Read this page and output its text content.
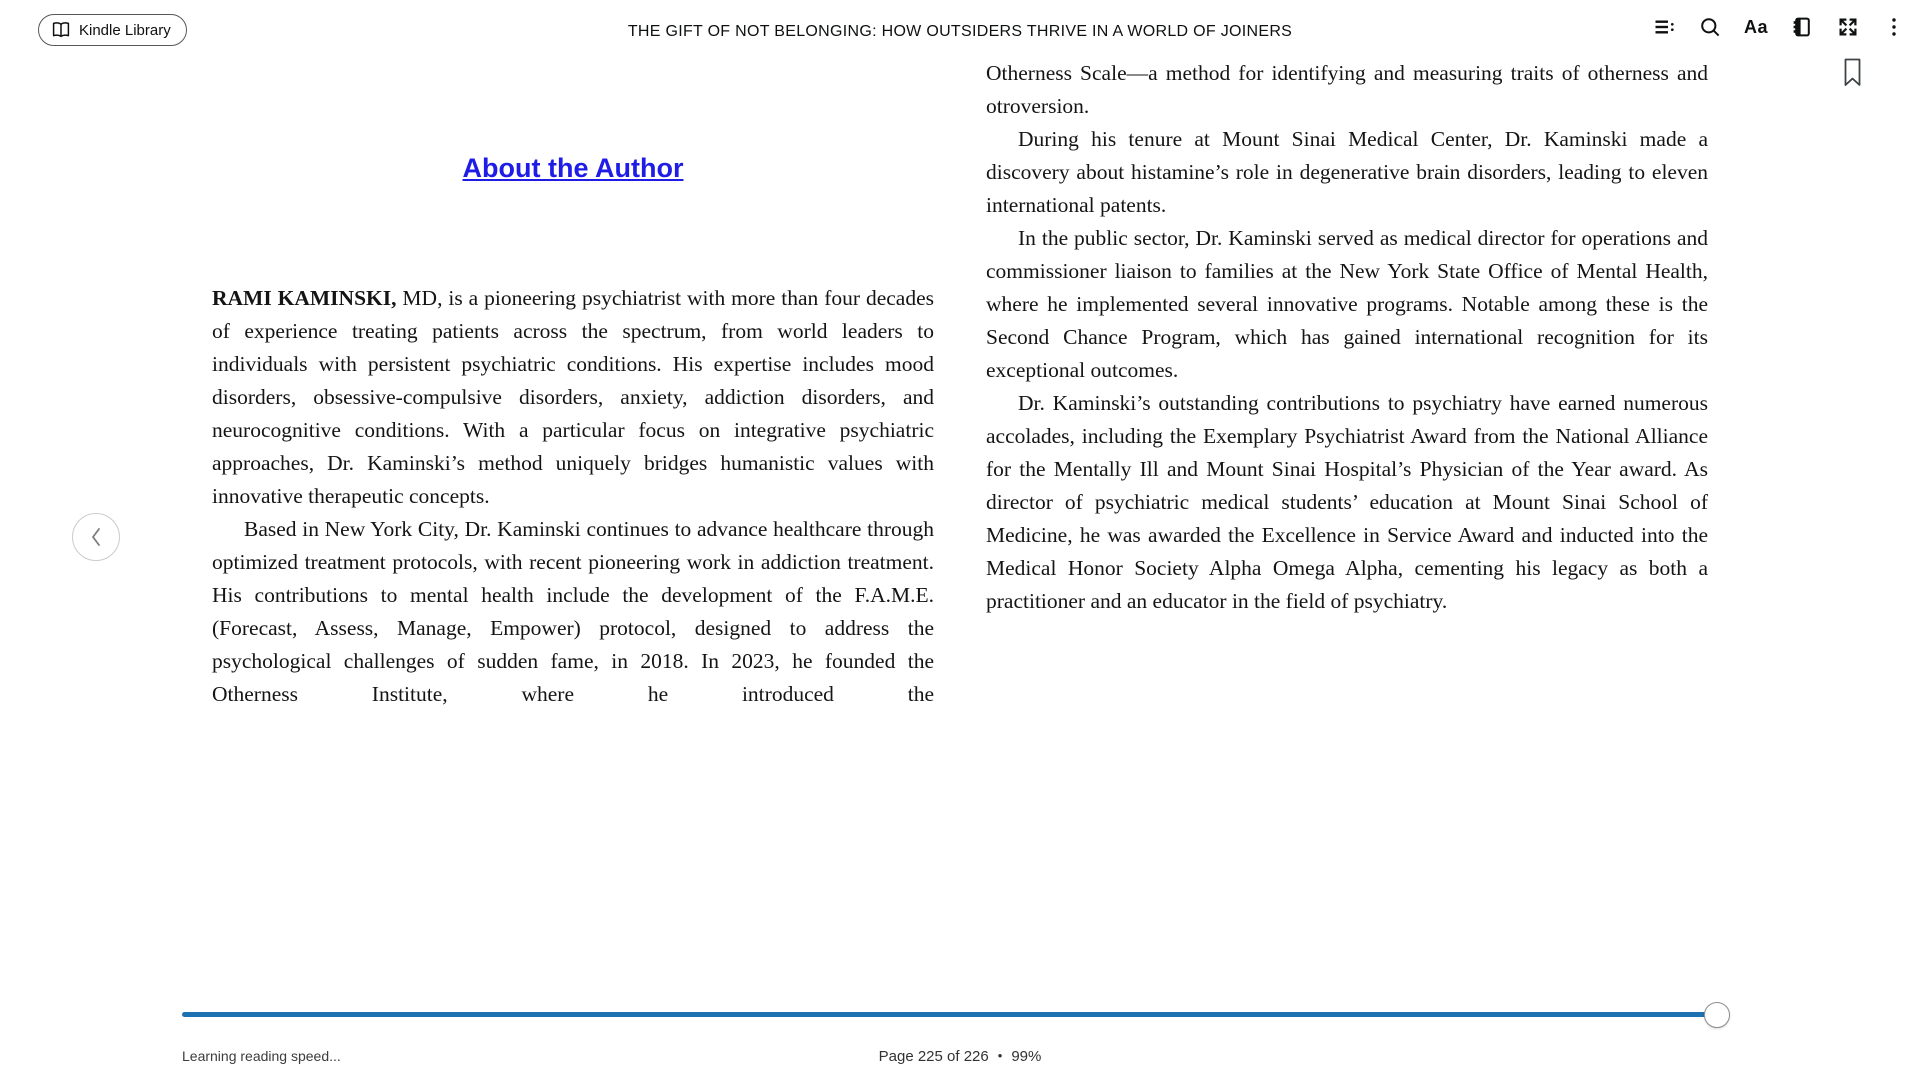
Kindle Library	THE GIFT OF NOT BELONGING: HOW OUTSIDERS THRIVE IN A WORLD OF JOINERS	Aa
About the Author

RAMI KAMINSKI, MD, is a pioneering psychiatrist with more than four decades of experience treating patients across the spectrum, from world leaders to individuals with persistent psychiatric conditions. His expertise includes mood disorders, obsessive-compulsive disorders, anxiety, addiction disorders, and neurocognitive conditions. With a particular focus on integrative psychiatric approaches, Dr. Kaminski’s method uniquely bridges humanistic values with innovative therapeutic concepts.

Based in New York City, Dr. Kaminski continues to advance healthcare through optimized treatment protocols, with recent pioneering work in addiction treatment. His contributions to mental health include the development of the F.A.M.E. (Forecast, Assess, Manage, Empower) protocol, designed to address the psychological challenges of sudden fame, in 2018. In 2023, he founded the Otherness Institute, where he introduced the

Otherness Scale—a method for identifying and measuring traits of otherness and otroversion.

During his tenure at Mount Sinai Medical Center, Dr. Kaminski made a discovery about histamine’s role in degenerative brain disorders, leading to eleven international patents.

In the public sector, Dr. Kaminski served as medical director for operations and commissioner liaison to families at the New York State Office of Mental Health, where he implemented several innovative programs. Notable among these is the Second Chance Program, which has gained international recognition for its exceptional outcomes.

Dr. Kaminski’s outstanding contributions to psychiatry have earned numerous accolades, including the Exemplary Psychiatrist Award from the National Alliance for the Mentally Ill and Mount Sinai Hospital’s Physician of the Year award. As director of psychiatric medical students’ education at Mount Sinai School of Medicine, he was awarded the Excellence in Service Award and inducted into the Medical Honor Society Alpha Omega Alpha, cementing his legacy as both a practitioner and an educator in the field of psychiatry.

Learning reading speed...	Page 225 of 226 • 99%
